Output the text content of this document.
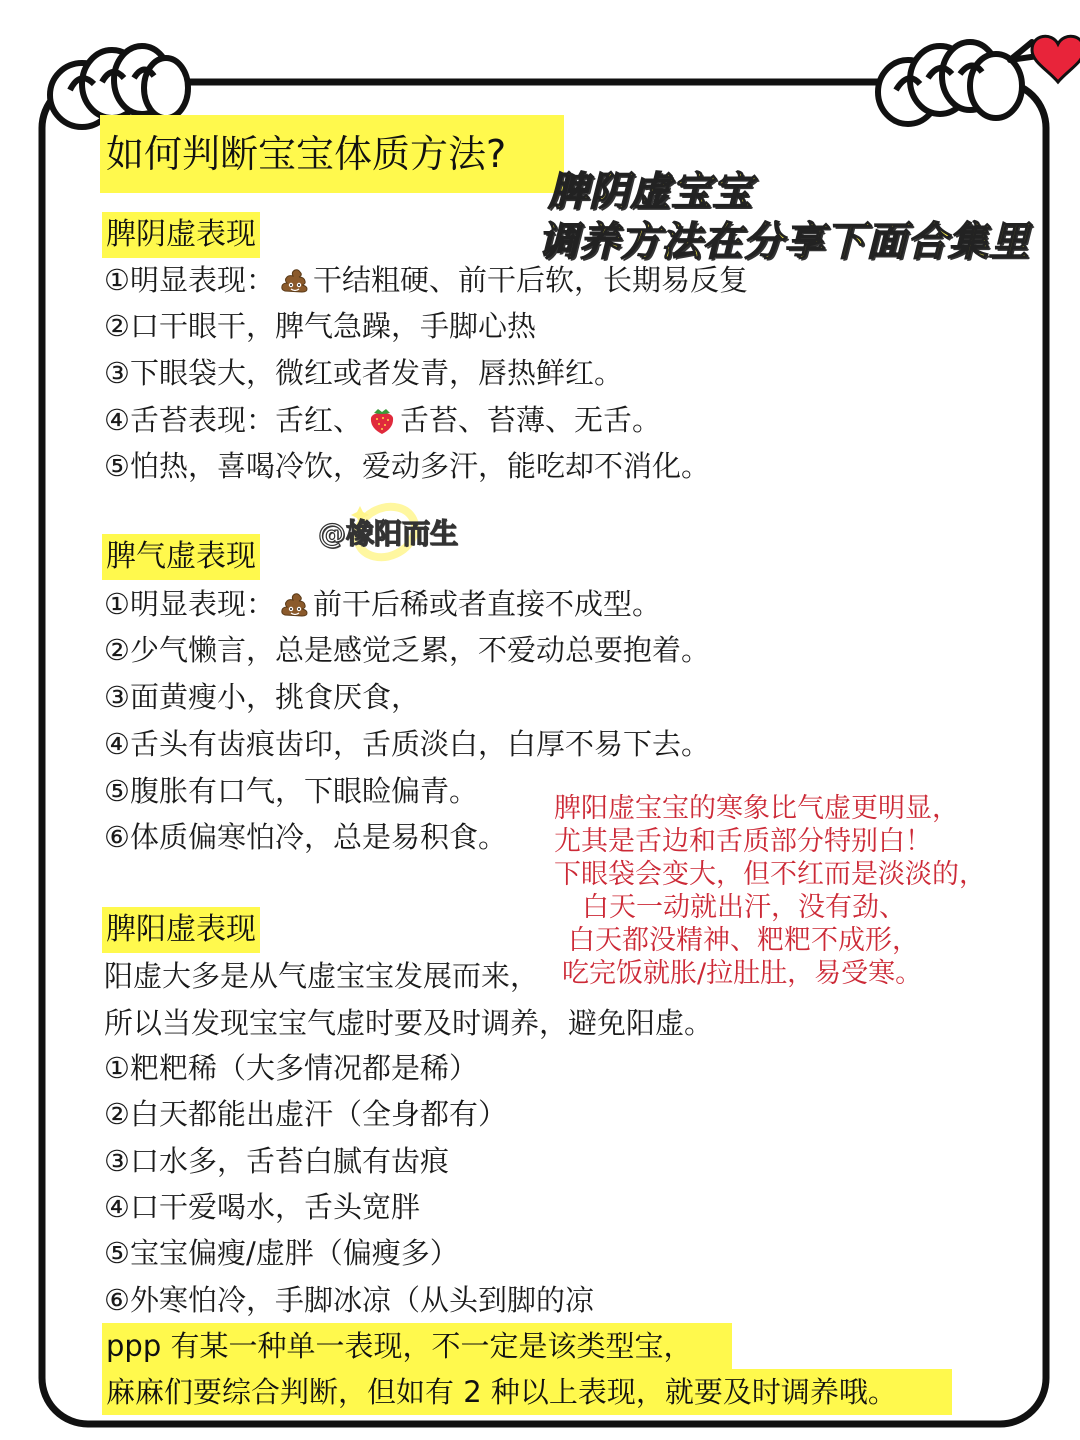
如何判断宝宝体质方法?
脾阴虚宝宝
调养方法在分享下面合集里
脾阴虚表现
①明显表现： 干结粗硬、前干后软，长期易反复
②口干眼干，脾气急躁，手脚心热
③下眼袋大，微红或者发青，唇热鲜红。
④舌苔表现：舌红、 舌苔、苔薄、无舌。
⑤怕热，喜喝冷饮，爱动多汗，能吃却不消化。
@橡阳而生
脾气虚表现
①明显表现： 前干后稀或者直接不成型。
②少气懒言，总是感觉乏累，不爱动总要抱着。
③面黄瘦小，挑食厌食，
④舌头有齿痕齿印，舌质淡白，白厚不易下去。
⑤腹胀有口气，下眼睑偏青。
⑥体质偏寒怕冷，总是易积食。
脾阳虚宝宝的寒象比气虚更明显，
尤其是舌边和舌质部分特别白！
下眼袋会变大，但不红而是淡淡的，
白天一动就出汗，没有劲、
白天都没精神、粑粑不成形，
吃完饭就胀/拉肚肚，易受寒。
脾阳虚表现
阳虚大多是从气虚宝宝发展而来，
所以当发现宝宝气虚时要及时调养，避免阳虚。
①粑粑稀（大多情况都是稀）
②白天都能出虚汗（全身都有）
③口水多，舌苔白腻有齿痕
④口干爱喝水，舌头宽胖
⑤宝宝偏瘦/虚胖（偏瘦多）
⑥外寒怕冷，手脚冰凉（从头到脚的凉
ppp 有某一种单一表现，不一定是该类型宝，
麻麻们要综合判断，但如有 2 种以上表现，就要及时调养哦。
